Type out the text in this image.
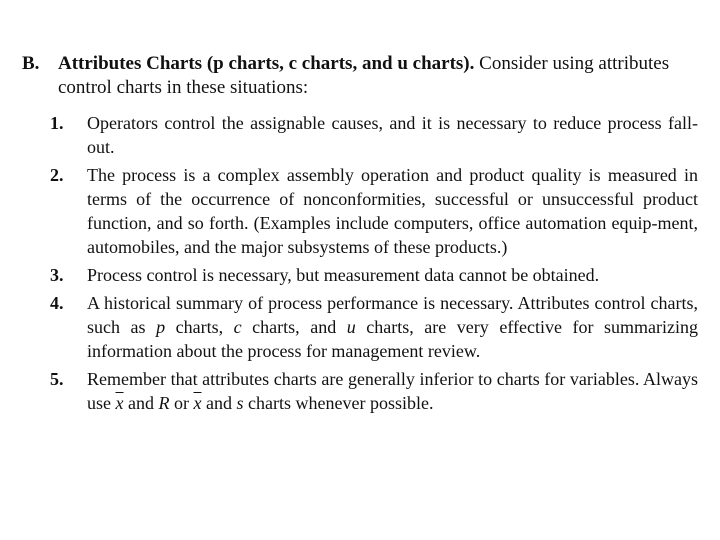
B. Attributes Charts (p charts, c charts, and u charts). Consider using attributes
control charts in these situations:
1.	Operators control the assignable causes, and it is necessary to reduce process fall-out.
2.	The process is a complex assembly operation and product quality is measured in terms of the occurrence of nonconformities, successful or unsuccessful product function, and so forth. (Examples include computers, office automation equip-ment, automobiles, and the major subsystems of these products.)
3.	Process control is necessary, but measurement data cannot be obtained.
4.	A historical summary of process performance is necessary. Attributes control charts, such as p charts, c charts, and u charts, are very effective for summarizing information about the process for management review.
5.	Remember that attributes charts are generally inferior to charts for variables. Always use $\overline{x}$ and R or $\overline{x}$ and s charts whenever possible.
